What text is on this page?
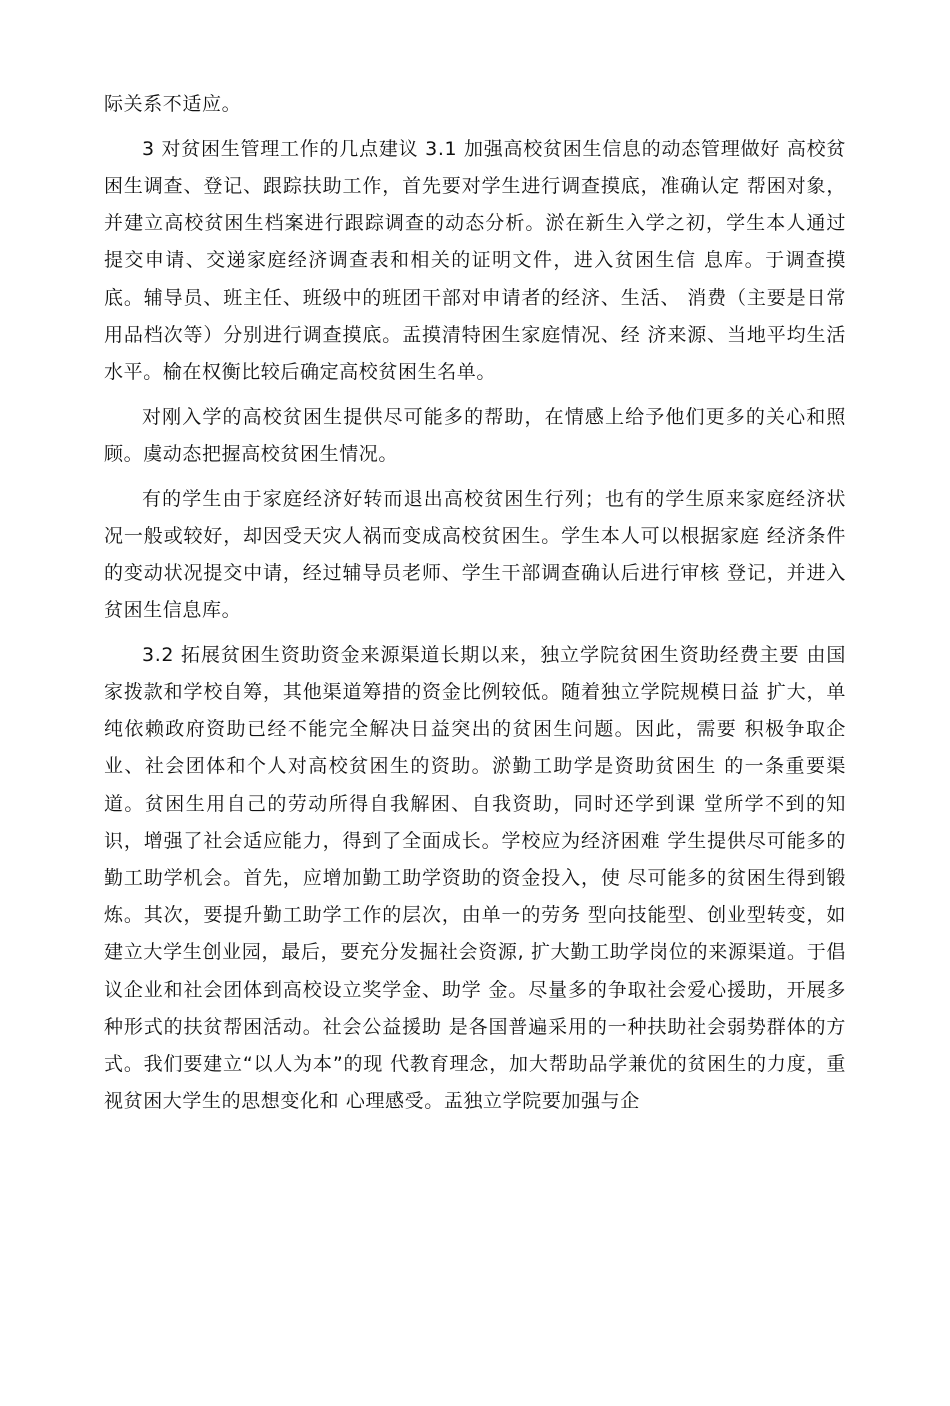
际关系不适应。

3 对贫困生管理工作的几点建议 3.1 加强高校贫困生信息的动态管理做好 高校贫困生调查、登记、跟踪扶助工作，首先要对学生进行调查摸底，准确认定 帮困对象，并建立高校贫困生档案进行跟踪调查的动态分析。淤在新生入学之初，学生本人通过提交申请、交递家庭经济调查表和相关的证明文件，进入贫困生信 息库。于调查摸底。辅导员、班主任、班级中的班团干部对申请者的经济、生活、 消费（主要是日常用品档次等）分别进行调查摸底。盂摸清特困生家庭情况、经 济来源、当地平均生活水平。榆在权衡比较后确定高校贫困生名单。

对刚入学的高校贫困生提供尽可能多的帮助，在情感上给予他们更多的关心和照顾。虞动态把握高校贫困生情况。

有的学生由于家庭经济好转而退出高校贫困生行列；也有的学生原来家庭经济状况一般或较好，却因受天灾人祸而变成高校贫困生。学生本人可以根据家庭 经济条件的变动状况提交中请，经过辅导员老师、学生干部调查确认后进行审核 登记，并进入贫困生信息库。

3.2 拓展贫困生资助资金来源渠道长期以来，独立学院贫困生资助经费主要 由国家拨款和学校自筹，其他渠道筹措的资金比例较低。随着独立学院规模日益 扩大，单纯依赖政府资助已经不能完全解决日益突出的贫困生问题。因此，需要 积极争取企业、社会团体和个人对高校贫困生的资助。淤勤工助学是资助贫困生 的一条重要渠道。贫困生用自己的劳动所得自我解困、自我资助，同时还学到课 堂所学不到的知识，增强了社会适应能力，得到了全面成长。学校应为经济困难 学生提供尽可能多的勤工助学机会。首先，应增加勤工助学资助的资金投入，使 尽可能多的贫困生得到锻炼。其次，要提升勤工助学工作的层次，由单一的劳务 型向技能型、创业型转变，如建立大学生创业园，最后，要充分发掘社会资源, 扩大勤工助学岗位的来源渠道。于倡议企业和社会团体到高校设立奖学金、助学 金。尽量多的争取社会爱心援助，开展多种形式的扶贫帮困活动。社会公益援助 是各国普遍采用的一种扶助社会弱势群体的方式。我们要建立“以人为本”的现 代教育理念，加大帮助品学兼优的贫困生的力度，重视贫困大学生的思想变化和 心理感受。盂独立学院要加强与企
